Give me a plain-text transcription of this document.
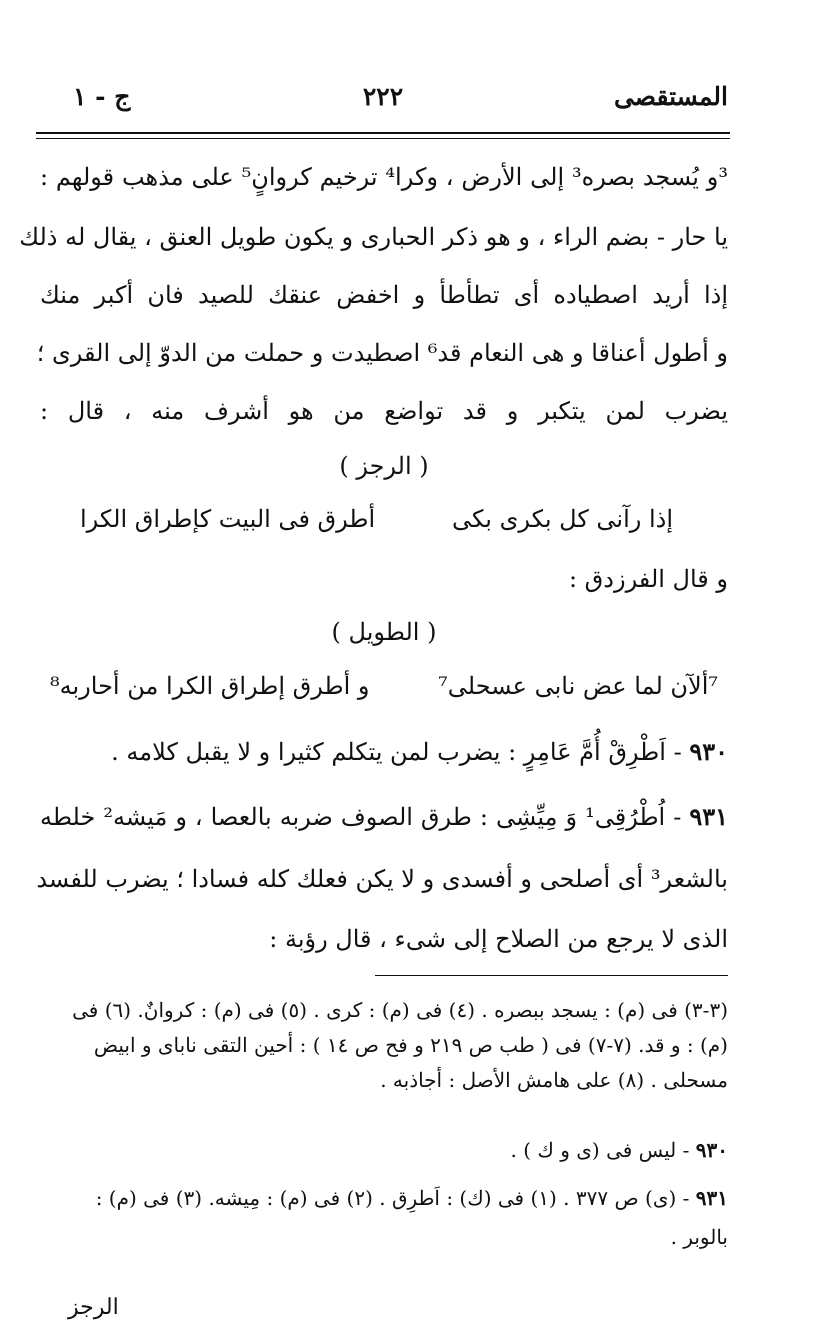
المستقصى
٢٢٢
ج - ١
³و يُسجد بصره³ إلى الأرض ، وكرا⁴ ترخيم كروانٍ⁵ على مذهب قولهم :
يا حار - بضم الراء ، و هو ذكر الحبارى و يكون طويل العنق ، يقال له ذلك
إذا أريد اصطياده أى تطأطأ و اخفض عنقك للصيد فان أكبر منك
و أطول أعناقا و هى النعام قد⁶ اصطيدت و حملت من الدوّ إلى القرى ؛
يضرب لمن يتكبر و قد تواضع من هو أشرف منه ، قال :
( الرجز )
إذا رآنى كل بكرى بكى
أطرق فى البيت كإطراق الكرا
و قال الفرزدق :
( الطويل )
⁷ألآن لما عض نابى عسحلى⁷
و أطرق إطراق الكرا من أحاربه⁸
٩٣٠ - اَطْرِقْ أُمَّ عَامِرٍ : يضرب لمن يتكلم كثيرا و لا يقبل كلامه .
٩٣١ - اُطْرُقِى¹ وَ مِيِّشِى : طرق الصوف ضربه بالعصا ، و مَيشه² خلطه
بالشعر³ أى أصلحى و أفسدى و لا يكن فعلك كله فسادا ؛ يضرب للفسد
الذى لا يرجع من الصلاح إلى شىء ، قال رؤبة :
(٣-٣) فى (م) : يسجد ببصره . (٤) فى (م) : كرى . (٥) فى (م) : كروانٌ. (٦) فى
(م) : و قد. (٧-٧) فى ( طب ص ٢١٩ و فح ص ١٤ ) : أحين التقى ناباى و ابيض
مسحلى . (٨) على هامش الأصل : أجاذبه .
٩٣٠ - ليس فى (ى و ك ) .
٩٣١ - (ى) ص ٣٧٧ . (١) فى (ك) : اَطرِق . (٢) فى (م) : مِيشه. (٣) فى (م) :
بالوبر .
الرجز
